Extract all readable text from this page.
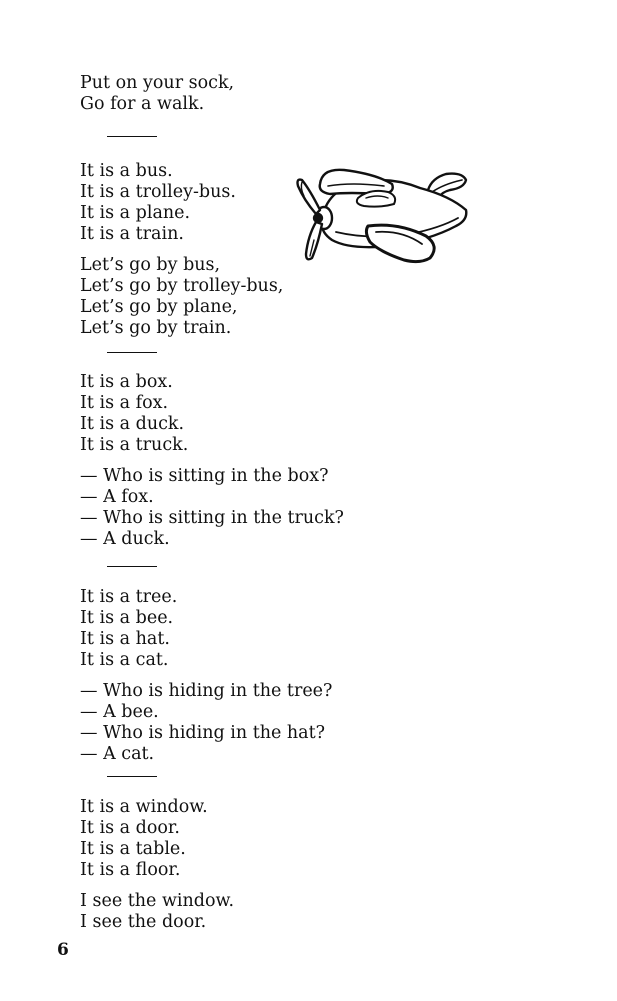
Put on your sock,
Go for a walk.
It is a bus.
It is a trolley-bus.
It is a plane.
It is a train.
Let’s go by bus,
Let’s go by trolley-bus,
Let’s go by plane,
Let’s go by train.
It is a box.
It is a fox.
It is a duck.
It is a truck.
— Who is sitting in the box?
— A fox.
— Who is sitting in the truck?
— A duck.
It is a tree.
It is a bee.
It is a hat.
It is a cat.
— Who is hiding in the tree?
— A bee.
— Who is hiding in the hat?
— A cat.
It is a window.
It is a door.
It is a table.
It is a floor.
I see the window.
I see the door.
6
